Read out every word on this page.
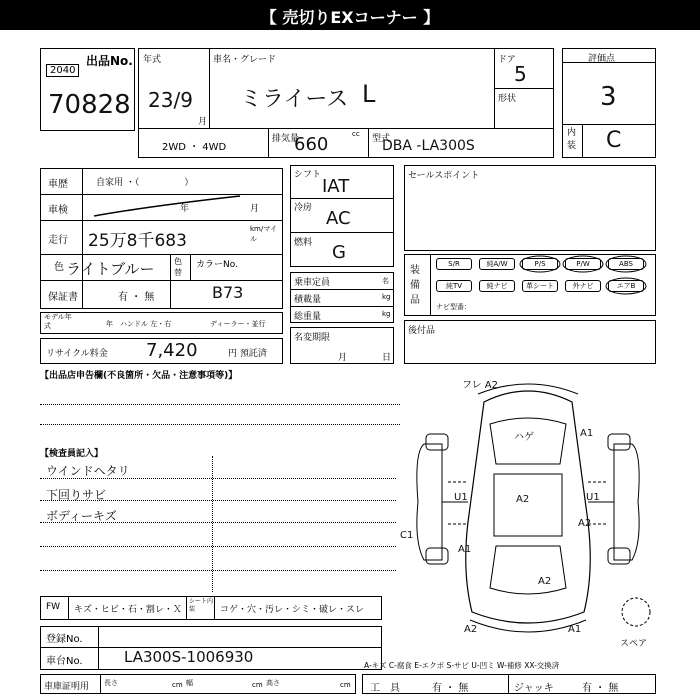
【 売切りEXコーナー 】
出品No.
2040
70828
年式
23/9
月
車名・グレード
ミライース L
ドア
5
形状
2WD ・ 4WD
排気量
660	cc 型式
DBA -LA300S
評価点
3
内装 C
車歴	自家用 ・（　　　　　）
車検	年	月
走行 25万8千683
km/マイル
色 ライトブルー 色替
カラーNo.
B73
保証書	有 ・ 無
モデル年式	年 ハンドル 左・右	ディーラー・並行
リサイクル料金 7,420	円 預託済
シフト
IAT
冷房 AC
燃料 G
乗車定員
積載量
総重量
名
kg
kg
名変期限
月	日
セールスポイント
装備品
S/R	純A/W	P/S	P/W	ABS
純TV	純ナビ	革シート	外ナビ	エアB
ナビ型番：
後付品
【出品店申告欄(不良箇所・欠品・注意事項等)】
【検査員記入】
ウインドヘタリ
下回りサビ
ボディーキズ
フレ A2
ハゲ	A1
A2
U1	U1
A2
C1
A1
A2
A2	A1
スペア
FW キズ・ヒビ・石・割レ・Ｘ
シート内装	コゲ・穴・汚レ・シミ・破レ・スレ
登録No.
車台No.	LA300S-1006930	A-キズ C-腐食 E-エクボ S-サビ U-凹ミ W-補修 XX-交換済
車庫証明用 長さ	幅	高さ
cm	cm	cm 工　具	有 ・ 無	ジャッキ	有 ・ 無
